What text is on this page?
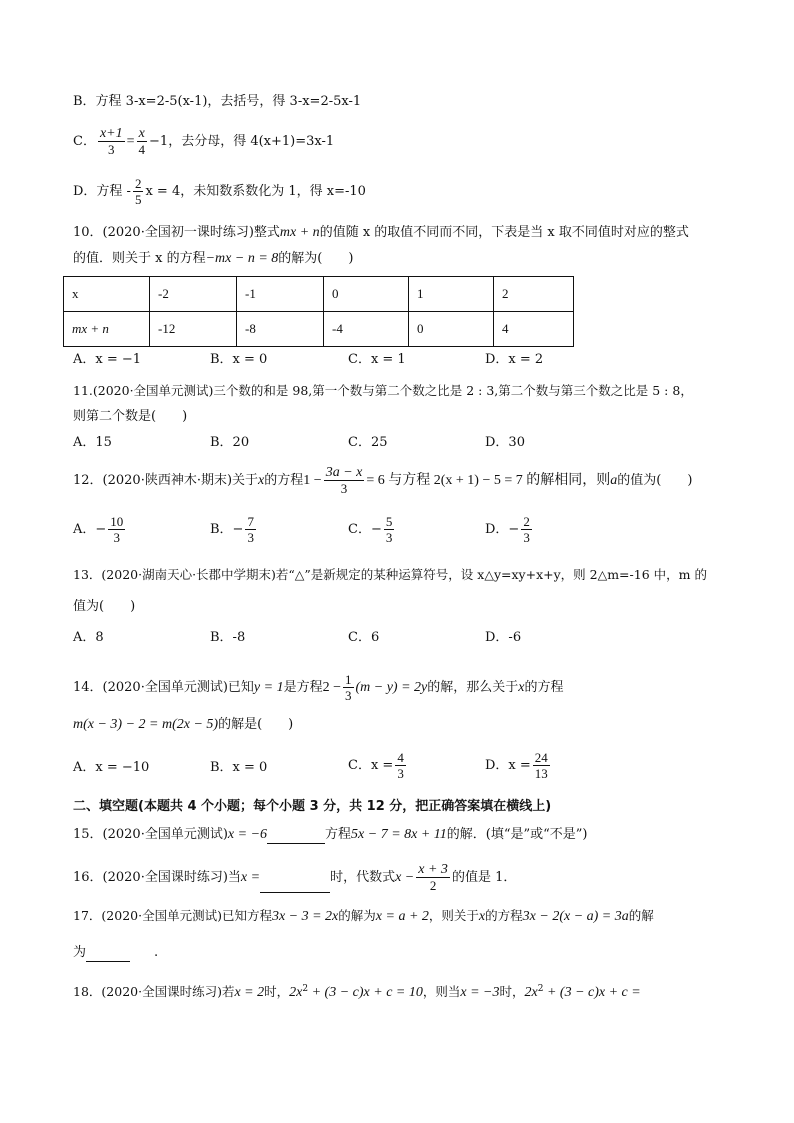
B．方程 3-x=2-5(x-1)，去括号，得 3-x=2-5x-1
C． $\frac{x+1}{3} = \frac{x}{4} -1$，去分母，得 4(x+1)=3x-1
D．方程 - $\frac{2}{5}$ x = 4，未知数系数化为 1，得 x=-10
10．(2020·全国初一课时练习)整式mx + n的值随 x 的取值不同而不同，下表是当 x 取不同值时对应的整式
的值．则关于 x 的方程−mx − n = 8的解为(　　)
x	-2	-1	0	1	2
mx + n	-12	-8	-4	0	4
A．x = −1	B．x = 0	C．x = 1	D．x = 2
11.(2020·全国单元测试)三个数的和是 98,第一个数与第二个数之比是 2 : 3,第二个数与第三个数之比是 5 : 8，
则第二个数是(　　)
A．15	B．20	C．25	D．30
12．(2020·陕西神木·期末)关于x的方程$1 - \frac{3a - x}{3} = 6$ 与方程 2(x + 1) − 5 = 7 的解相同，则a的值为(　　)
A．− $\frac{10}{3}$	B．− $\frac{7}{3}$	C．− $\frac{5}{3}$	D．− $\frac{2}{3}$
13．(2020·湖南天心·长郡中学期末)若“△”是新规定的某种运算符号，设 x△y=xy+x+y，则 2△m=-16 中，m 的
值为(　　)
A．8	B．-8	C．6	D．-6
14．(2020·全国单元测试)已知y = 1是方程$2 - \frac{1}{3} (m - y) = 2y$的解，那么关于x的方程
m(x − 3) − 2 = m(2x − 5)的解是(　　)
A．x = −10	B．x = 0	C．$x = \frac{4}{3}$	D．$x = \frac{24}{13}$
二、填空题(本题共 4 个小题；每个小题 3 分，共 12 分，把正确答案填在横线上)
15．(2020·全国单元测试)x = −6	方程5x − 7 = 8x + 11的解．(填“是”或“不是”)
16．(2020·全国课时练习)当x =	时，代数式$x - \frac{x + 3}{2}$ 的值是 1．
17．(2020·全国单元测试)已知方程3x − 3 = 2x的解为x = a + 2，则关于x的方程3x − 2(x − a) = 3a的解
为	.
18．(2020·全国课时练习)若x = 2时，$2x^2 + (3 - c)x + c = 10$，则当x = −3时，$2x^2 + (3 - c)x + c$ =
